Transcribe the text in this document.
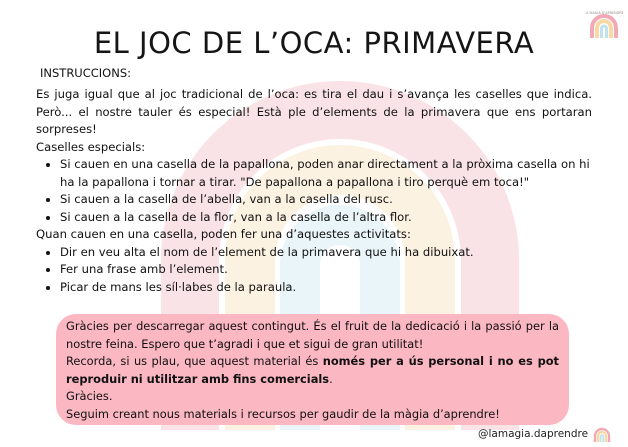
LA MAGIA D'APRENDRE
EL JOC DE L’OCA: PRIMAVERA
INSTRUCCIONS:

Es juga igual que al joc tradicional de l’oca: es tira el dau i s’avança les caselles que indica. Però... el nostre tauler és especial! Està ple d’elements de la primavera que ens portaran sorpreses!

Caselles especials:

• Si cauen en una casella de la papallona, poden anar directament a la pròxima casella on hi ha la papallona i tornar a tirar. "De papallona a papallona i tiro perquè em toca!"
• Si cauen a la casella de l’abella, van a la casella del rusc.
• Si cauen a la casella de la flor, van a la casella de l’altra flor.

Quan cauen en una casella, poden fer una d’aquestes activitats:

• Dir en veu alta el nom de l’element de la primavera que hi ha dibuixat.
• Fer una frase amb l’element.
• Picar de mans les síl·labes de la paraula.

Gràcies per descarregar aquest contingut. És el fruit de la dedicació i la passió per la nostre feina. Espero que t’agradi i que et sigui de gran utilitat!

Recorda, si us plau, que aquest material és només per a ús personal i no es pot reproduir ni utilitzar amb fins comercials.

Gràcies.

Seguim creant nous materials i recursos per gaudir de la màgia d’aprendre!

@lamagia.daprendre
